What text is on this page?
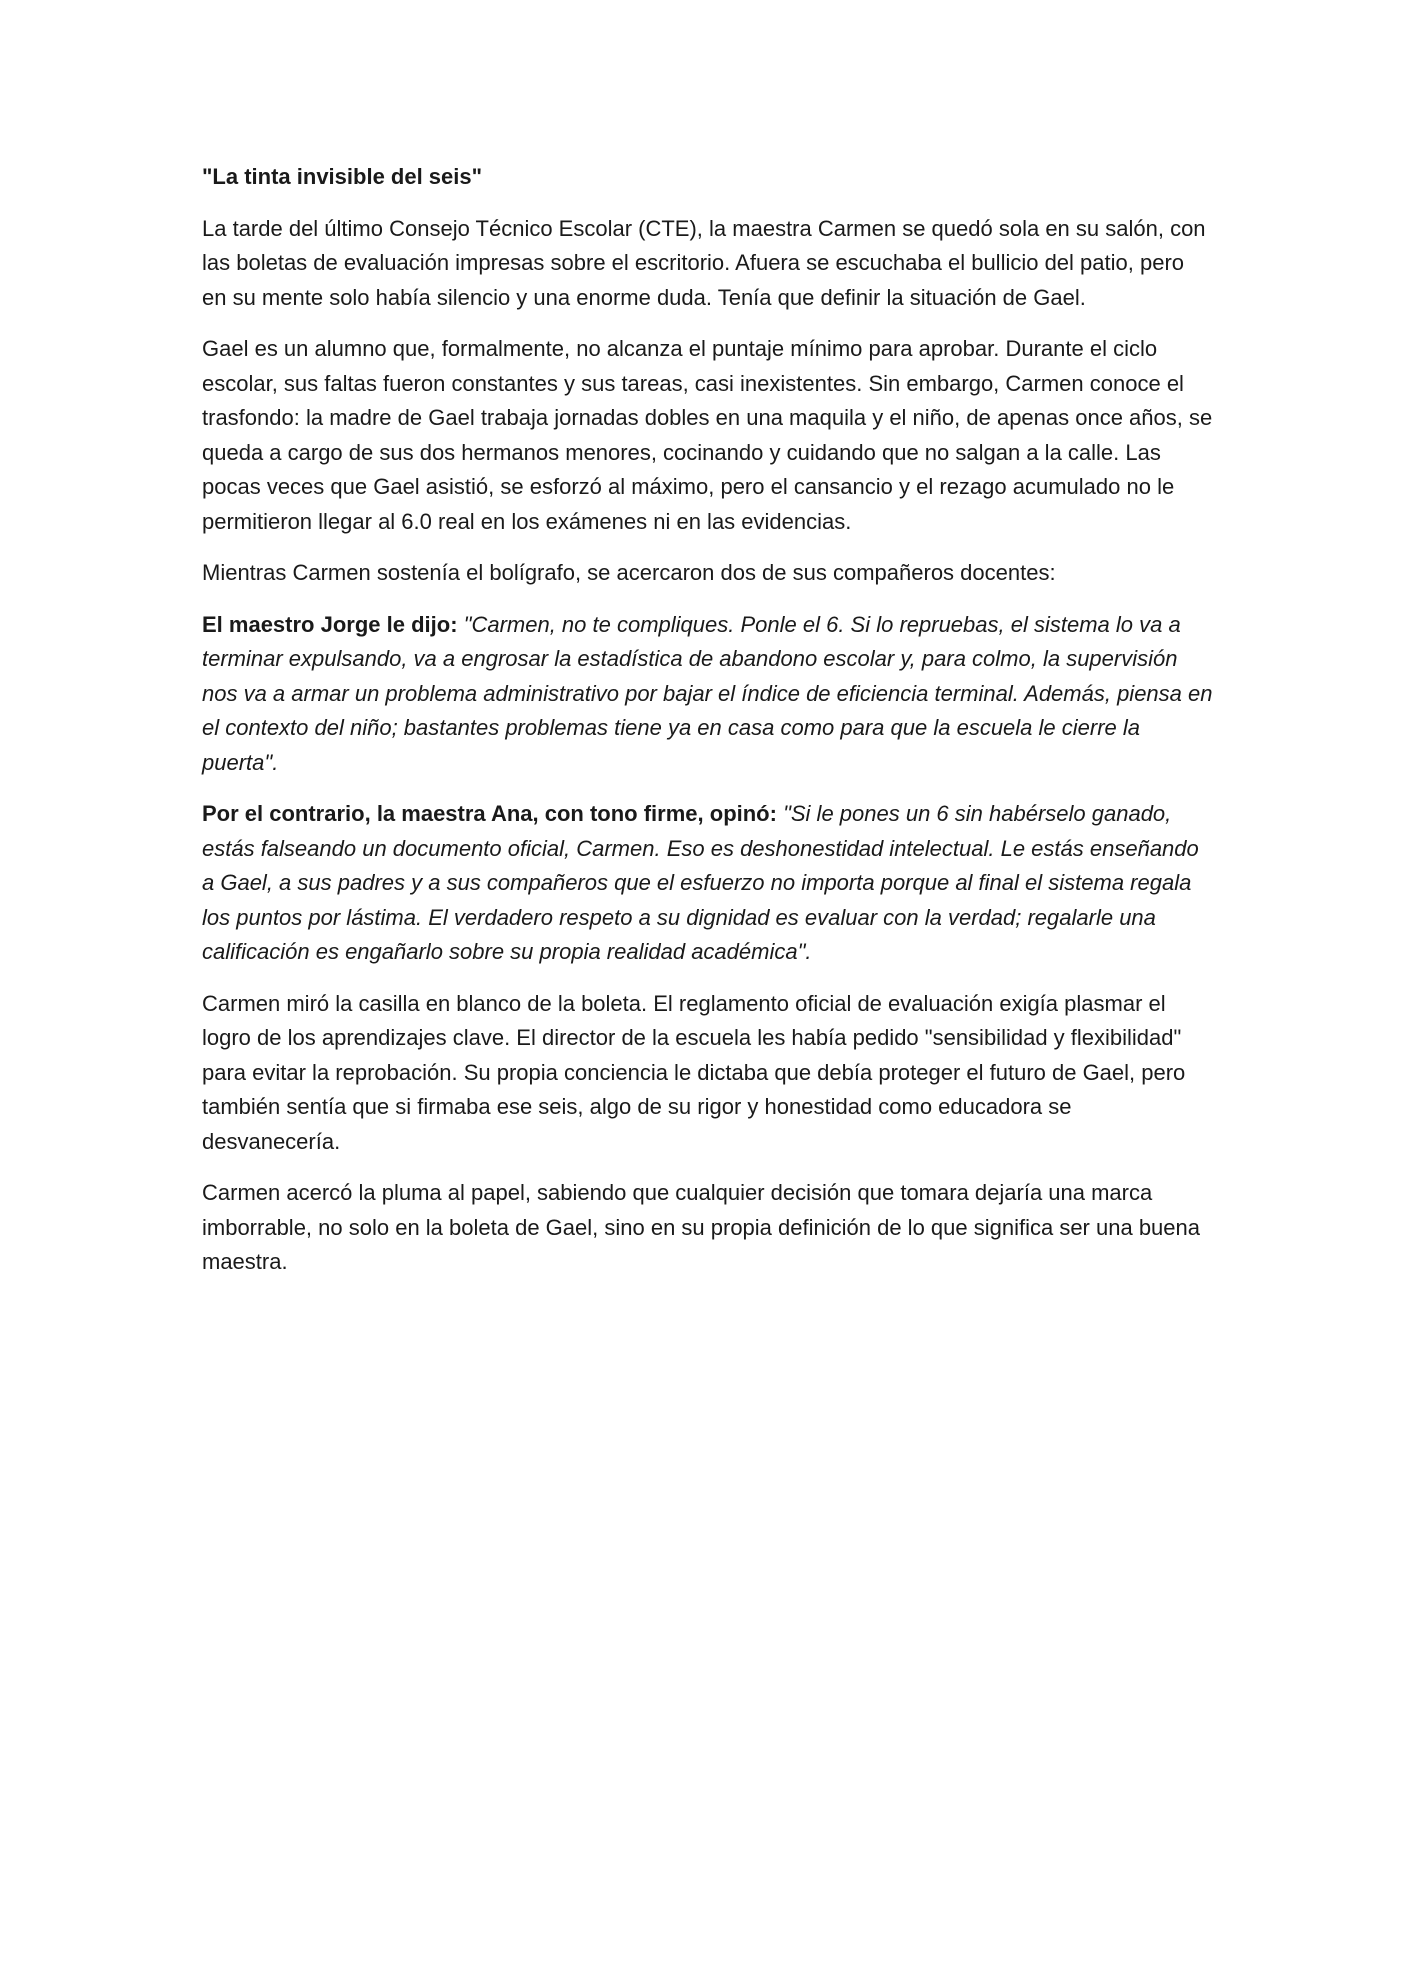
"La tinta invisible del seis"

La tarde del último Consejo Técnico Escolar (CTE), la maestra Carmen se quedó sola en su salón, con las boletas de evaluación impresas sobre el escritorio. Afuera se escuchaba el bullicio del patio, pero en su mente solo había silencio y una enorme duda. Tenía que definir la situación de Gael.

Gael es un alumno que, formalmente, no alcanza el puntaje mínimo para aprobar. Durante el ciclo escolar, sus faltas fueron constantes y sus tareas, casi inexistentes. Sin embargo, Carmen conoce el trasfondo: la madre de Gael trabaja jornadas dobles en una maquila y el niño, de apenas once años, se queda a cargo de sus dos hermanos menores, cocinando y cuidando que no salgan a la calle. Las pocas veces que Gael asistió, se esforzó al máximo, pero el cansancio y el rezago acumulado no le permitieron llegar al 6.0 real en los exámenes ni en las evidencias.

Mientras Carmen sostenía el bolígrafo, se acercaron dos de sus compañeros docentes:

El maestro Jorge le dijo: "Carmen, no te compliques. Ponle el 6. Si lo repruebas, el sistema lo va a terminar expulsando, va a engrosar la estadística de abandono escolar y, para colmo, la supervisión nos va a armar un problema administrativo por bajar el índice de eficiencia terminal. Además, piensa en el contexto del niño; bastantes problemas tiene ya en casa como para que la escuela le cierre la puerta".

Por el contrario, la maestra Ana, con tono firme, opinó: "Si le pones un 6 sin habérselo ganado, estás falseando un documento oficial, Carmen. Eso es deshonestidad intelectual. Le estás enseñando a Gael, a sus padres y a sus compañeros que el esfuerzo no importa porque al final el sistema regala los puntos por lástima. El verdadero respeto a su dignidad es evaluar con la verdad; regalarle una calificación es engañarlo sobre su propia realidad académica".

Carmen miró la casilla en blanco de la boleta. El reglamento oficial de evaluación exigía plasmar el logro de los aprendizajes clave. El director de la escuela les había pedido "sensibilidad y flexibilidad" para evitar la reprobación. Su propia conciencia le dictaba que debía proteger el futuro de Gael, pero también sentía que si firmaba ese seis, algo de su rigor y honestidad como educadora se desvanecería.

Carmen acercó la pluma al papel, sabiendo que cualquier decisión que tomara dejaría una marca imborrable, no solo en la boleta de Gael, sino en su propia definición de lo que significa ser una buena maestra.
